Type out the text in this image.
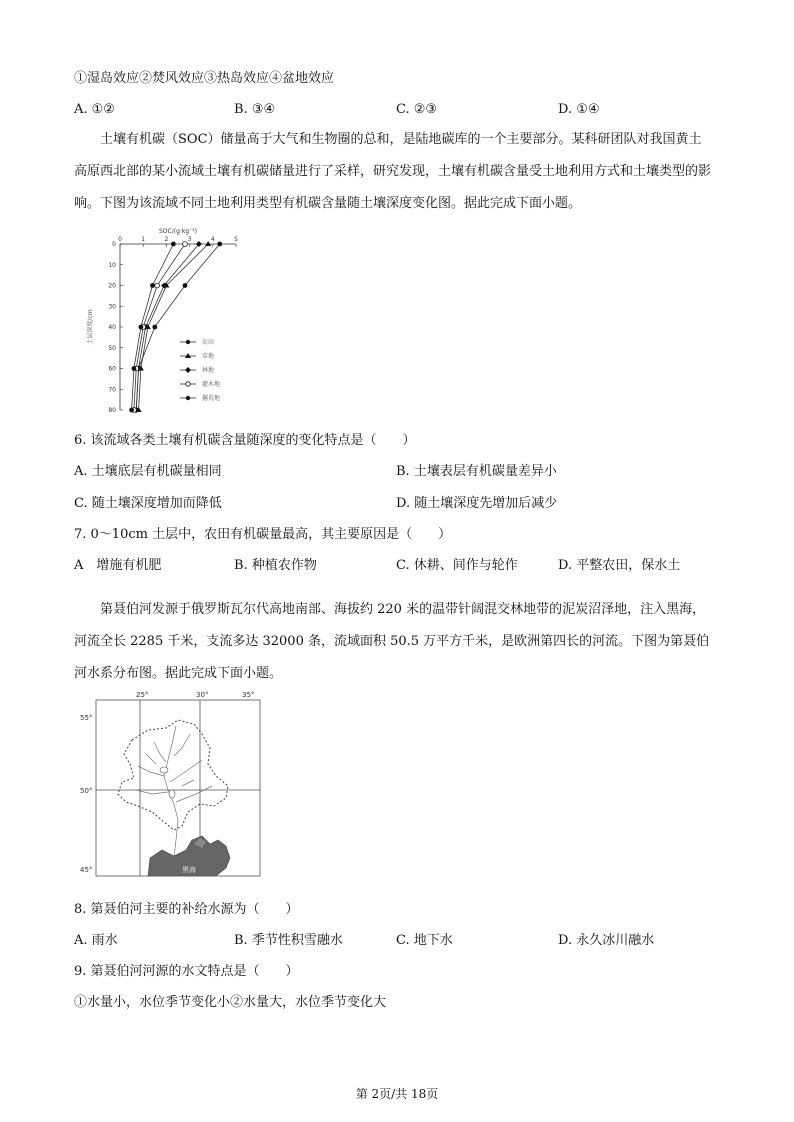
①湿岛效应②焚风效应③热岛效应④盆地效应
A. ①②	B. ③④	C. ②③	D. ①④
土壤有机碳（SOC）储量高于大气和生物圈的总和，是陆地碳库的一个主要部分。某科研团队对我国黄土高原西北部的某小流域土壤有机碳储量进行了采样，研究发现，土壤有机碳含量受土地利用方式和土壤类型的影响。下图为该流域不同土地利用类型有机碳含量随土壤深度变化图。据此完成下面小题。
SOC/(g·kg⁻¹)
0	1	2	3	4	5
0
10
20
30
40
50
60
70
80
土层深度/cm	农田
草地
林地
灌木地
撂荒地
6. 该流域各类土壤有机碳含量随深度的变化特点是（　　）
A. 土壤底层有机碳量相同	B. 土壤表层有机碳量差异小
C. 随土壤深度增加而降低	D. 随土壤深度先增加后减少
7. 0～10cm 土层中，农田有机碳量最高，其主要原因是（　　）
A　增施有机肥	B. 种植农作物	C. 休耕、间作与轮作	D. 平整农田，保水土
第聂伯河发源于俄罗斯瓦尔代高地南部、海拔约 220 米的温带针阔混交林地带的泥炭沼泽地，注入黑海，河流全长 2285 千米，支流多达 32000 条，流域面积 50.5 万平方千米，是欧洲第四长的河流。下图为第聂伯河水系分布图。据此完成下面小题。
25°	30°	35°
55°
50°
45°	黑海
8. 第聂伯河主要的补给水源为（　　）
A. 雨水	B. 季节性积雪融水	C. 地下水	D. 永久冰川融水
9. 第聂伯河河源的水文特点是（　　）
①水量小，水位季节变化小②水量大，水位季节变化大
第 2页/共 18页
